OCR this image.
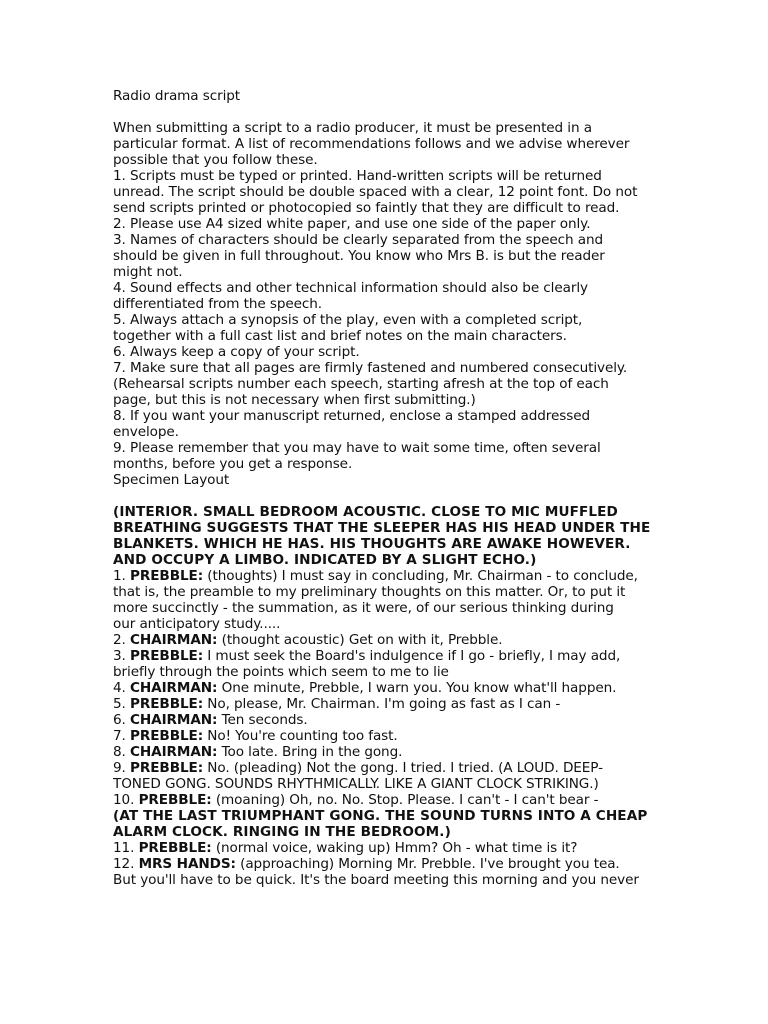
Radio drama script
When submitting a script to a radio producer, it must be presented in a
particular format. A list of recommendations follows and we advise wherever
possible that you follow these.
1. Scripts must be typed or printed. Hand-written scripts will be returned
unread. The script should be double spaced with a clear, 12 point font. Do not
send scripts printed or photocopied so faintly that they are difficult to read.
2. Please use A4 sized white paper, and use one side of the paper only.
3. Names of characters should be clearly separated from the speech and
should be given in full throughout. You know who Mrs B. is but the reader
might not.
4. Sound effects and other technical information should also be clearly
differentiated from the speech.
5. Always attach a synopsis of the play, even with a completed script,
together with a full cast list and brief notes on the main characters.
6. Always keep a copy of your script.
7. Make sure that all pages are firmly fastened and numbered consecutively.
(Rehearsal scripts number each speech, starting afresh at the top of each
page, but this is not necessary when first submitting.)
8. If you want your manuscript returned, enclose a stamped addressed
envelope.
9. Please remember that you may have to wait some time, often several
months, before you get a response.
Specimen Layout
(INTERIOR. SMALL BEDROOM ACOUSTIC. CLOSE TO MIC MUFFLED
BREATHING SUGGESTS THAT THE SLEEPER HAS HIS HEAD UNDER THE
BLANKETS. WHICH HE HAS. HIS THOUGHTS ARE AWAKE HOWEVER.
AND OCCUPY A LIMBO. INDICATED BY A SLIGHT ECHO.)
1. PREBBLE: (thoughts) I must say in concluding, Mr. Chairman - to conclude,
that is, the preamble to my preliminary thoughts on this matter. Or, to put it
more succinctly - the summation, as it were, of our serious thinking during
our anticipatory study.....
2. CHAIRMAN: (thought acoustic) Get on with it, Prebble.
3. PREBBLE: I must seek the Board's indulgence if I go - briefly, I may add,
briefly through the points which seem to me to lie
4. CHAIRMAN: One minute, Prebble, I warn you. You know what'll happen.
5. PREBBLE: No, please, Mr. Chairman. I'm going as fast as I can -
6. CHAIRMAN: Ten seconds.
7. PREBBLE: No! You're counting too fast.
8. CHAIRMAN: Too late. Bring in the gong.
9. PREBBLE: No. (pleading) Not the gong. I tried. I tried. (A LOUD. DEEP-
TONED GONG. SOUNDS RHYTHMICALLY. LIKE A GIANT CLOCK STRIKING.)
10. PREBBLE: (moaning) Oh, no. No. Stop. Please. I can't - I can't bear -
(AT THE LAST TRIUMPHANT GONG. THE SOUND TURNS INTO A CHEAP
ALARM CLOCK. RINGING IN THE BEDROOM.)
11. PREBBLE: (normal voice, waking up) Hmm? Oh - what time is it?
12. MRS HANDS: (approaching) Morning Mr. Prebble. I've brought you tea.
But you'll have to be quick. It's the board meeting this morning and you never
